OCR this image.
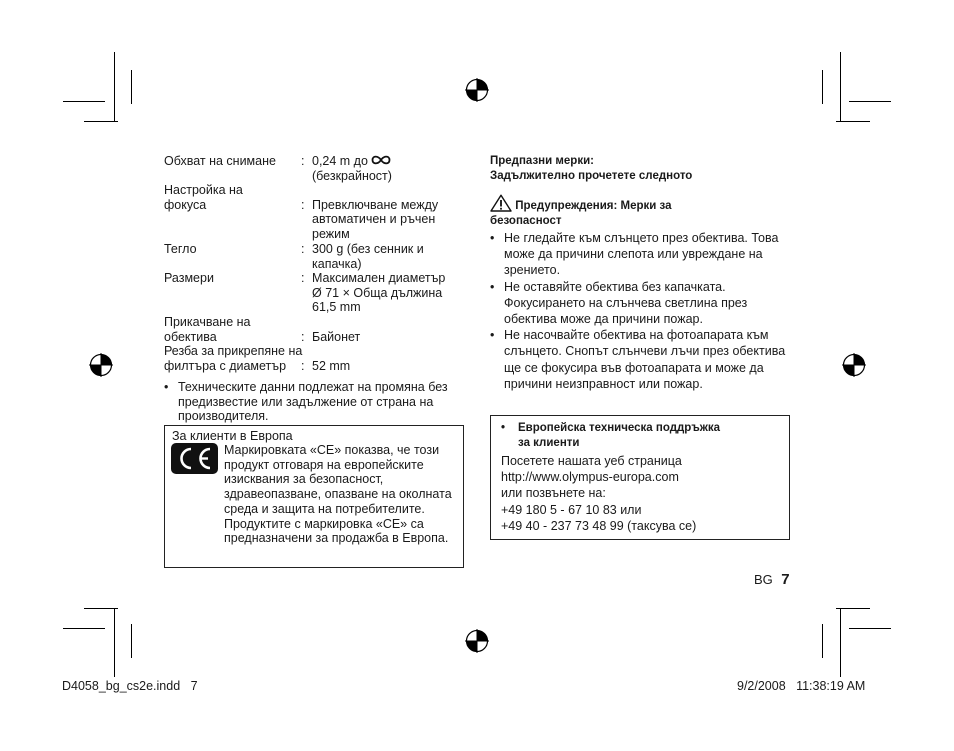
Обхват на снимане	: 0,24 m до
(безкрайност)
Настройка на
фокуса	: Превключване между автоматичен и ръчен режим
Тегло	: 300 g (без сенник и капачка)
Размери	: Максимален диаметър
Ø 71 × Обща дължина
61,5 mm
Прикачване на
обектива	: Байонет
Резба за прикрепяне на
филтъра с диаметър	: 52 mm
• Техническите данни подлежат на промяна без предизвестие или задължение от страна на производителя.
За клиенти в Европа
Маркировката «CE» показва, че този продукт отговаря на европейските изисквания за безопасност, здравеопазване, опазване на околната среда и защита на потребителите. Продуктите с маркировка «CE» са предназначени за продажба в Европа.
Предпазни мерки:
Задължително прочетете следното
Предупреждения: Мерки за безопасност
• Не гледайте към слънцето през обектива. Това може да причини слепота или увреждане на зрението.
• Не оставяйте обектива без капачката. Фокусирането на слънчева светлина през обектива може да причини пожар.
• Не насочвайте обектива на фотоапарата към слънцето. Снопът слънчеви лъчи през обектива ще се фокусира във фотоапарата и може да причини неизправност или пожар.
• Европейска техническа поддръжка
за клиенти
Посетете нашата уеб страница
http://www.olympus-europa.com
или позвънете на:
+49 180 5 - 67 10 83 или
+49 40 - 237 73 48 99 (таксува се)
BG 7
D4058_bg_cs2e.indd   7	9/2/2008   11:38:19 AM
